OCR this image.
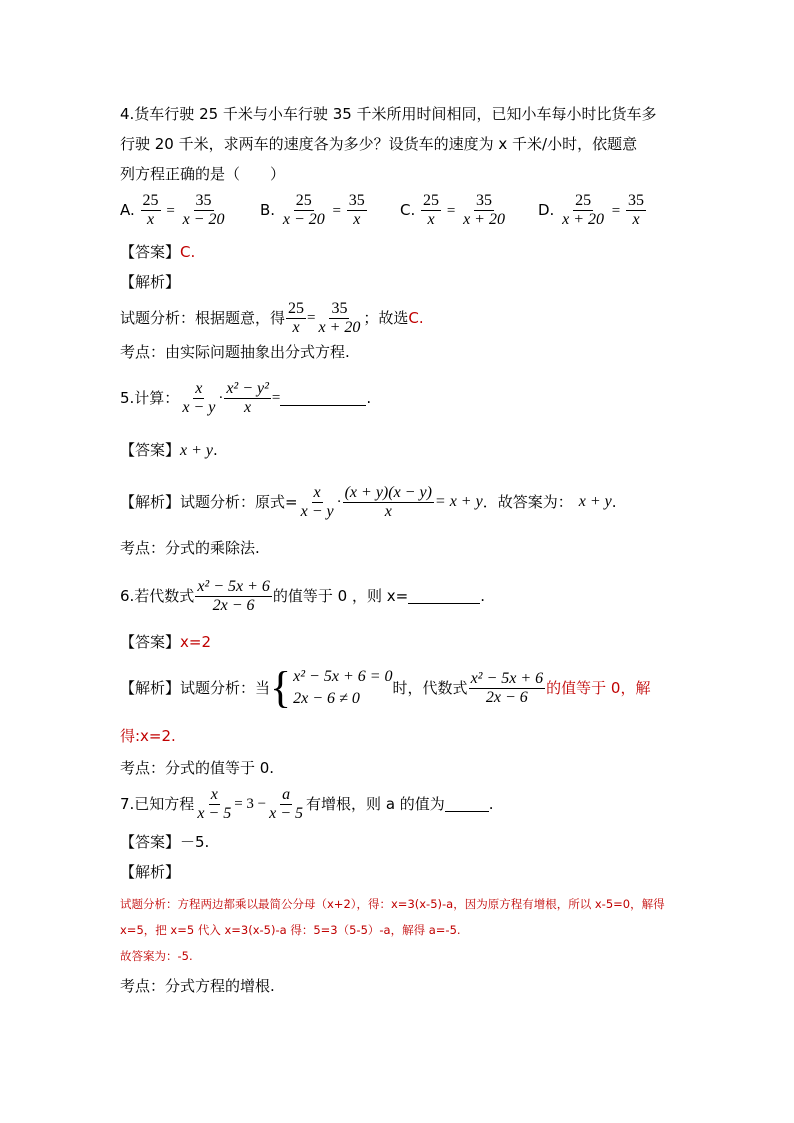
4.货车行驶 25 千米与小车行驶 35 千米所用时间相同，已知小车每小时比货车多
行驶 20 千米，求两车的速度各为多少？设货车的速度为 x 千米/小时，依题意
列方程正确的是（　　）
A. $\frac{25}{x} = \frac{35}{x - 20} B$. $\frac{25}{x - 20} = \frac{35}{x} C$. $\frac{25}{x} = \frac{35}{x + 20} D$. $\frac{25}{x + 20} = \frac{35}{x}$
【答案】C.
【解析】
试题分析：根据题意，得 $\frac{25}{x} = \frac{35}{x + 20}$ ；故选 C.
考点：由实际问题抽象出分式方程.
5.计算： $\frac{x}{x - y} \cdot \frac{\text{x² − y²}}{x}$ =	.
【答案】x + y.
【解析】 试题分析：原式= $\frac{x}{x - y} \cdot \frac{(x + y)(x - y)}{x} = x + y$ ．故答案为： x + y .
考点：分式的乘除法.
6.若代数式 $\frac{\text{x² − 5x + 6}}{2x - 6}$ 的值等于 0 ，则 x=	.
【答案】x=2
【解析】 试题分析：当 { x² − 5x + 6 = 0
2x − 6 ≠ 0
时，代数式 $\frac{\text{x² − 5x + 6}}{2x - 6}$ 的值等于 0，解
得:x=2.
考点：分式的值等于 0.
7.已知方程 $\frac{x}{x - 5} = 3 - \frac{a}{x - 5}$ 有增根，则 a 的值为	.
【答案】－5.
【解析】
试题分析：方程两边都乘以最简公分母（x+2），得：x=3(x-5)-a，因为原方程有增根，所以 x-5=0，解得
x=5，把 x=5 代入 x=3(x-5)-a 得：5=3（5-5）-a，解得 a=-5.
故答案为：-5.
考点：分式方程的增根.
